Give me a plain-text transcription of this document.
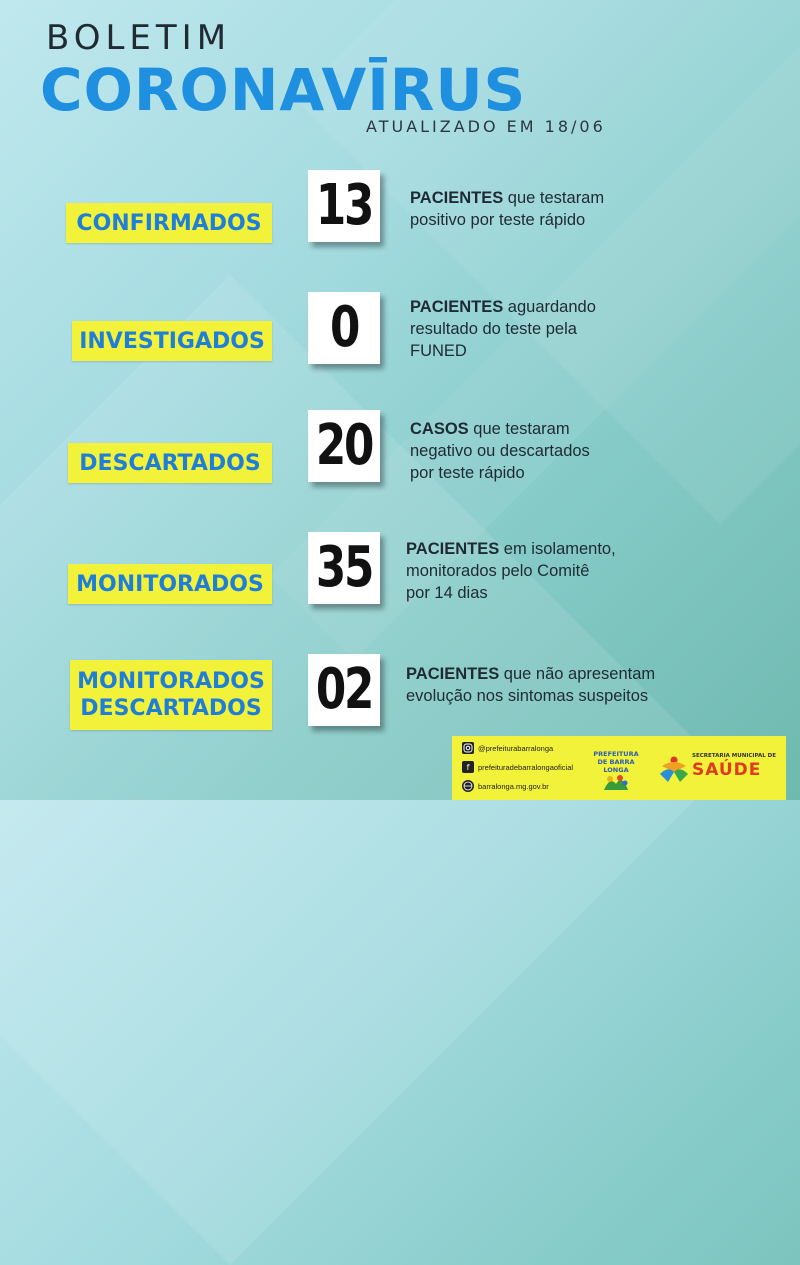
BOLETIM
CORONAVĪRUS
ATUALIZADO EM 18/06
CONFIRMADOS 13 PACIENTES que testaram
positivo por teste rápido
INVESTIGADOS 0	PACIENTES aguardando
resultado do teste pela
FUNED
DESCARTADOS 20 CASOS que testaram
negativo ou descartados
por teste rápido
MONITORADOS 35 PACIENTES em isolamento,
monitorados pelo Comitê
por 14 dias
MONITORADOS
DESCARTADOS 02 PACIENTES que não apresentam
evolução nos sintomas suspeitos
@prefeiturabarralonga
f	prefeituradebarralongaoficial
barralonga.mg.gov.br
PREFEITURA DE BARRA LONGA
SECRETARIA MUNICIPAL DE
SAÚDE
